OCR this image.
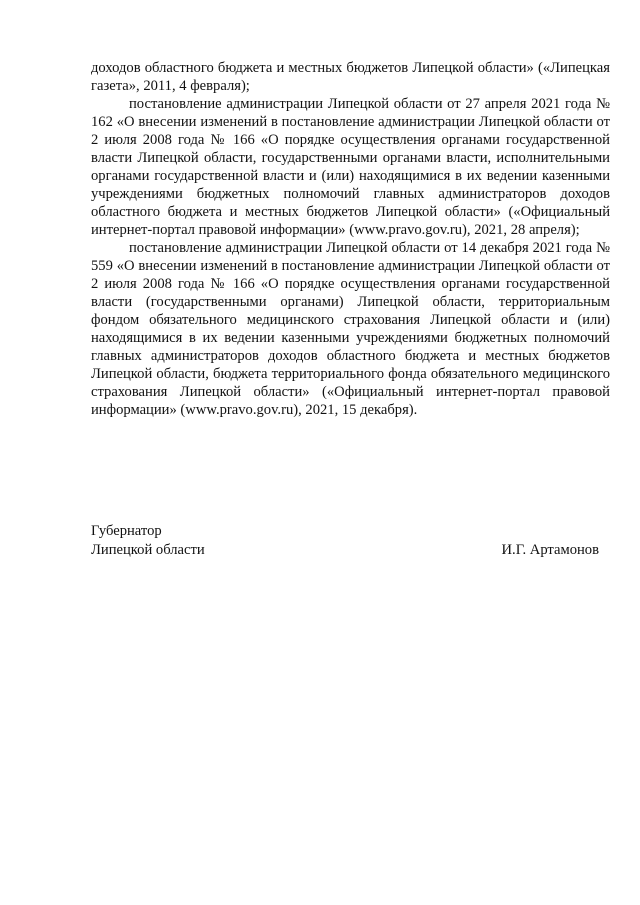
доходов областного бюджета и местных бюджетов Липецкой области» («Липецкая газета», 2011, 4 февраля);

постановление администрации Липецкой области от 27 апреля 2021 года № 162 «О внесении изменений в постановление администрации Липецкой области от 2 июля 2008 года № 166 «О порядке осуществления органами государственной власти Липецкой области, государственными органами власти, исполнительными органами государственной власти и (или) находящимися в их ведении казенными учреждениями бюджетных полномочий главных администраторов доходов областного бюджета и местных бюджетов Липецкой области» («Официальный интернет-портал правовой информации» (www.pravo.gov.ru), 2021, 28 апреля);

постановление администрации Липецкой области от 14 декабря 2021 года № 559 «О внесении изменений в постановление администрации Липецкой области от 2 июля 2008 года № 166 «О порядке осуществления органами государственной власти (государственными органами) Липецкой области, территориальным фондом обязательного медицинского страхования Липецкой области и (или) находящимися в их ведении казенными учреждениями бюджетных полномочий главных администраторов доходов областного бюджета и местных бюджетов Липецкой области, бюджета территориального фонда обязательного медицинского страхования Липецкой области» («Официальный интернет-портал правовой информации» (www.pravo.gov.ru), 2021, 15 декабря).

Губернатор
Липецкой области	И.Г. Артамонов
